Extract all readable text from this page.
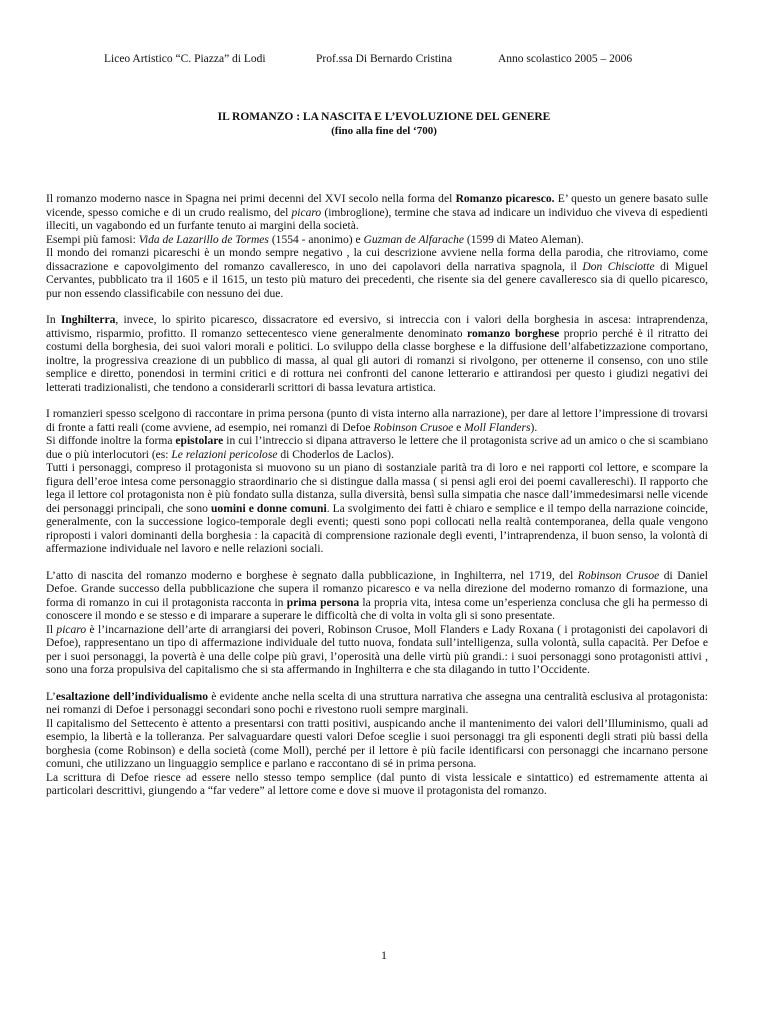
Liceo Artistico “C. Piazza” di Lodi	Prof.ssa Di Bernardo Cristina	Anno scolastico 2005 – 2006
IL ROMANZO : LA NASCITA E L’EVOLUZIONE DEL GENERE
(fino alla fine del ‘700)

Il romanzo moderno nasce in Spagna nei primi decenni del XVI secolo nella forma del Romanzo picaresco. E’ questo un genere basato sulle vicende, spesso comiche e di un crudo realismo, del picaro (imbroglione), termine che stava ad indicare un individuo che viveva di espedienti illeciti, un vagabondo ed un furfante tenuto ai margini della società.

Esempi più famosi: Vida de Lazarillo de Tormes (1554 - anonimo) e Guzman de Alfarache (1599 di Mateo Aleman).

Il mondo dei romanzi picareschi è un mondo sempre negativo , la cui descrizione avviene nella forma della parodia, che ritroviamo, come dissacrazione e capovolgimento del romanzo cavalleresco, in uno dei capolavori della narrativa spagnola, il Don Chisciotte di Miguel Cervantes, pubblicato tra il 1605 e il 1615, un testo più maturo dei precedenti, che risente sia del genere cavalleresco sia di quello picaresco, pur non essendo classificabile con nessuno dei due.

In Inghilterra, invece, lo spirito picaresco, dissacratore ed eversivo, si intreccia con i valori della borghesia in ascesa: intraprendenza, attivismo, risparmio, profitto. Il romanzo settecentesco viene generalmente denominato romanzo borghese proprio perché è il ritratto dei costumi della borghesia, dei suoi valori morali e politici. Lo sviluppo della classe borghese e la diffusione dell’alfabetizzazione comportano, inoltre, la progressiva creazione di un pubblico di massa, al qual gli autori di romanzi si rivolgono, per ottenerne il consenso, con uno stile semplice e diretto, ponendosi in termini critici e di rottura nei confronti del canone letterario e attirandosi per questo i giudizi negativi dei letterati tradizionalisti, che tendono a considerarli scrittori di bassa levatura artistica.

I romanzieri spesso scelgono di raccontare in prima persona (punto di vista interno alla narrazione), per dare al lettore l’impressione di trovarsi di fronte a fatti reali (come avviene, ad esempio, nei romanzi di Defoe Robinson Crusoe e Moll Flanders).

Si diffonde inoltre la forma epistolare in cui l’intreccio si dipana attraverso le lettere che il protagonista scrive ad un amico o che si scambiano due o più interlocutori (es: Le relazioni pericolose di Choderlos de Laclos).

Tutti i personaggi, compreso il protagonista si muovono su un piano di sostanziale parità tra di loro e nei rapporti col lettore, e scompare la figura dell’eroe intesa come personaggio straordinario che si distingue dalla massa ( si pensi agli eroi dei poemi cavallereschi). Il rapporto che lega il lettore col protagonista non è più fondato sulla distanza, sulla diversità, bensì sulla simpatia che nasce dall’immedesimarsi nelle vicende dei personaggi principali, che sono uomini e donne comuni. La svolgimento dei fatti è chiaro e semplice e il tempo della narrazione coincide, generalmente, con la successione logico-temporale degli eventi; questi sono popi collocati nella realtà contemporanea, della quale vengono riproposti i valori dominanti della borghesia : la capacità di comprensione razionale degli eventi, l’intraprendenza, il buon senso, la volontà di affermazione individuale nel lavoro e nelle relazioni sociali.

L’atto di nascita del romanzo moderno e borghese è segnato dalla pubblicazione, in Inghilterra, nel 1719, del Robinson Crusoe di Daniel Defoe. Grande successo della pubblicazione che supera il romanzo picaresco e va nella direzione del moderno romanzo di formazione, una forma di romanzo in cui il protagonista racconta in prima persona la propria vita, intesa come un’esperienza conclusa che gli ha permesso di conoscere il mondo e se stesso e di imparare a superare le difficoltà che di volta in volta gli si sono presentate.

Il picaro è l’incarnazione dell’arte di arrangiarsi dei poveri, Robinson Crusoe, Moll Flanders e Lady Roxana ( i protagonisti dei capolavori di Defoe), rappresentano un tipo di affermazione individuale del tutto nuova, fondata sull’intelligenza, sulla volontà, sulla capacità. Per Defoe e per i suoi personaggi, la povertà è una delle colpe più gravi, l’operosità una delle virtù più grandi.: i suoi personaggi sono protagonisti attivi , sono una forza propulsiva del capitalismo che si sta affermando in Inghilterra e che sta dilagando in tutto l’Occidente.

L’esaltazione dell’individualismo è evidente anche nella scelta di una struttura narrativa che assegna una centralità esclusiva al protagonista: nei romanzi di Defoe i personaggi secondari sono pochi e rivestono ruoli sempre marginali.

Il capitalismo del Settecento è attento a presentarsi con tratti positivi, auspicando anche il mantenimento dei valori dell’Illuminismo, quali ad esempio, la libertà e la tolleranza. Per salvaguardare questi valori Defoe sceglie i suoi personaggi tra gli esponenti degli strati più bassi della borghesia (come Robinson) e della società (come Moll), perché per il lettore è più facile identificarsi con personaggi che incarnano persone comuni, che utilizzano un linguaggio semplice e parlano e raccontano di sé in prima persona.

La scrittura di Defoe riesce ad essere nello stesso tempo semplice (dal punto di vista lessicale e sintattico) ed estremamente attenta ai particolari descrittivi, giungendo a “far vedere” al lettore come e dove si muove il protagonista del romanzo.

1
